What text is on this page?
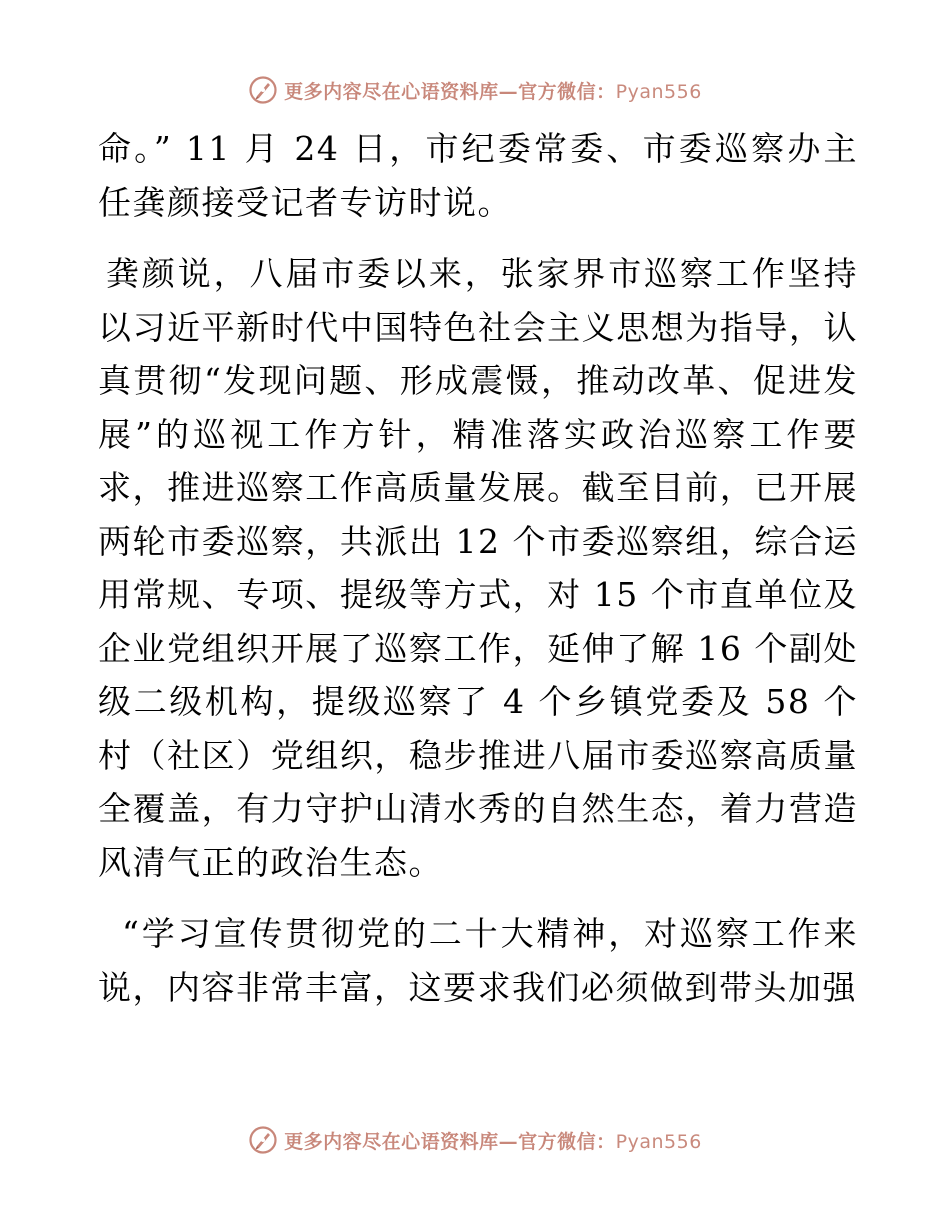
更多内容尽在心语资料库—官方微信：Pyan556

命。” 11 月 24 日，市纪委常委、市委巡察办主任龚颜接受记者专访时说。

龚颜说，八届市委以来，张家界市巡察工作坚持以习近平新时代中国特色社会主义思想为指导，认真贯彻“发现问题、形成震慑，推动改革、促进发展”的巡视工作方针，精准落实政治巡察工作要求，推进巡察工作高质量发展。截至目前，已开展两轮市委巡察，共派出 12 个市委巡察组，综合运用常规、专项、提级等方式，对 15 个市直单位及企业党组织开展了巡察工作，延伸了解 16 个副处级二级机构，提级巡察了 4 个乡镇党委及 58 个村（社区）党组织，稳步推进八届市委巡察高质量全覆盖，有力守护山清水秀的自然生态，着力营造风清气正的政治生态。

“学习宣传贯彻党的二十大精神，对巡察工作来说，内容非常丰富，这要求我们必须做到带头加强

更多内容尽在心语资料库—官方微信：Pyan556
